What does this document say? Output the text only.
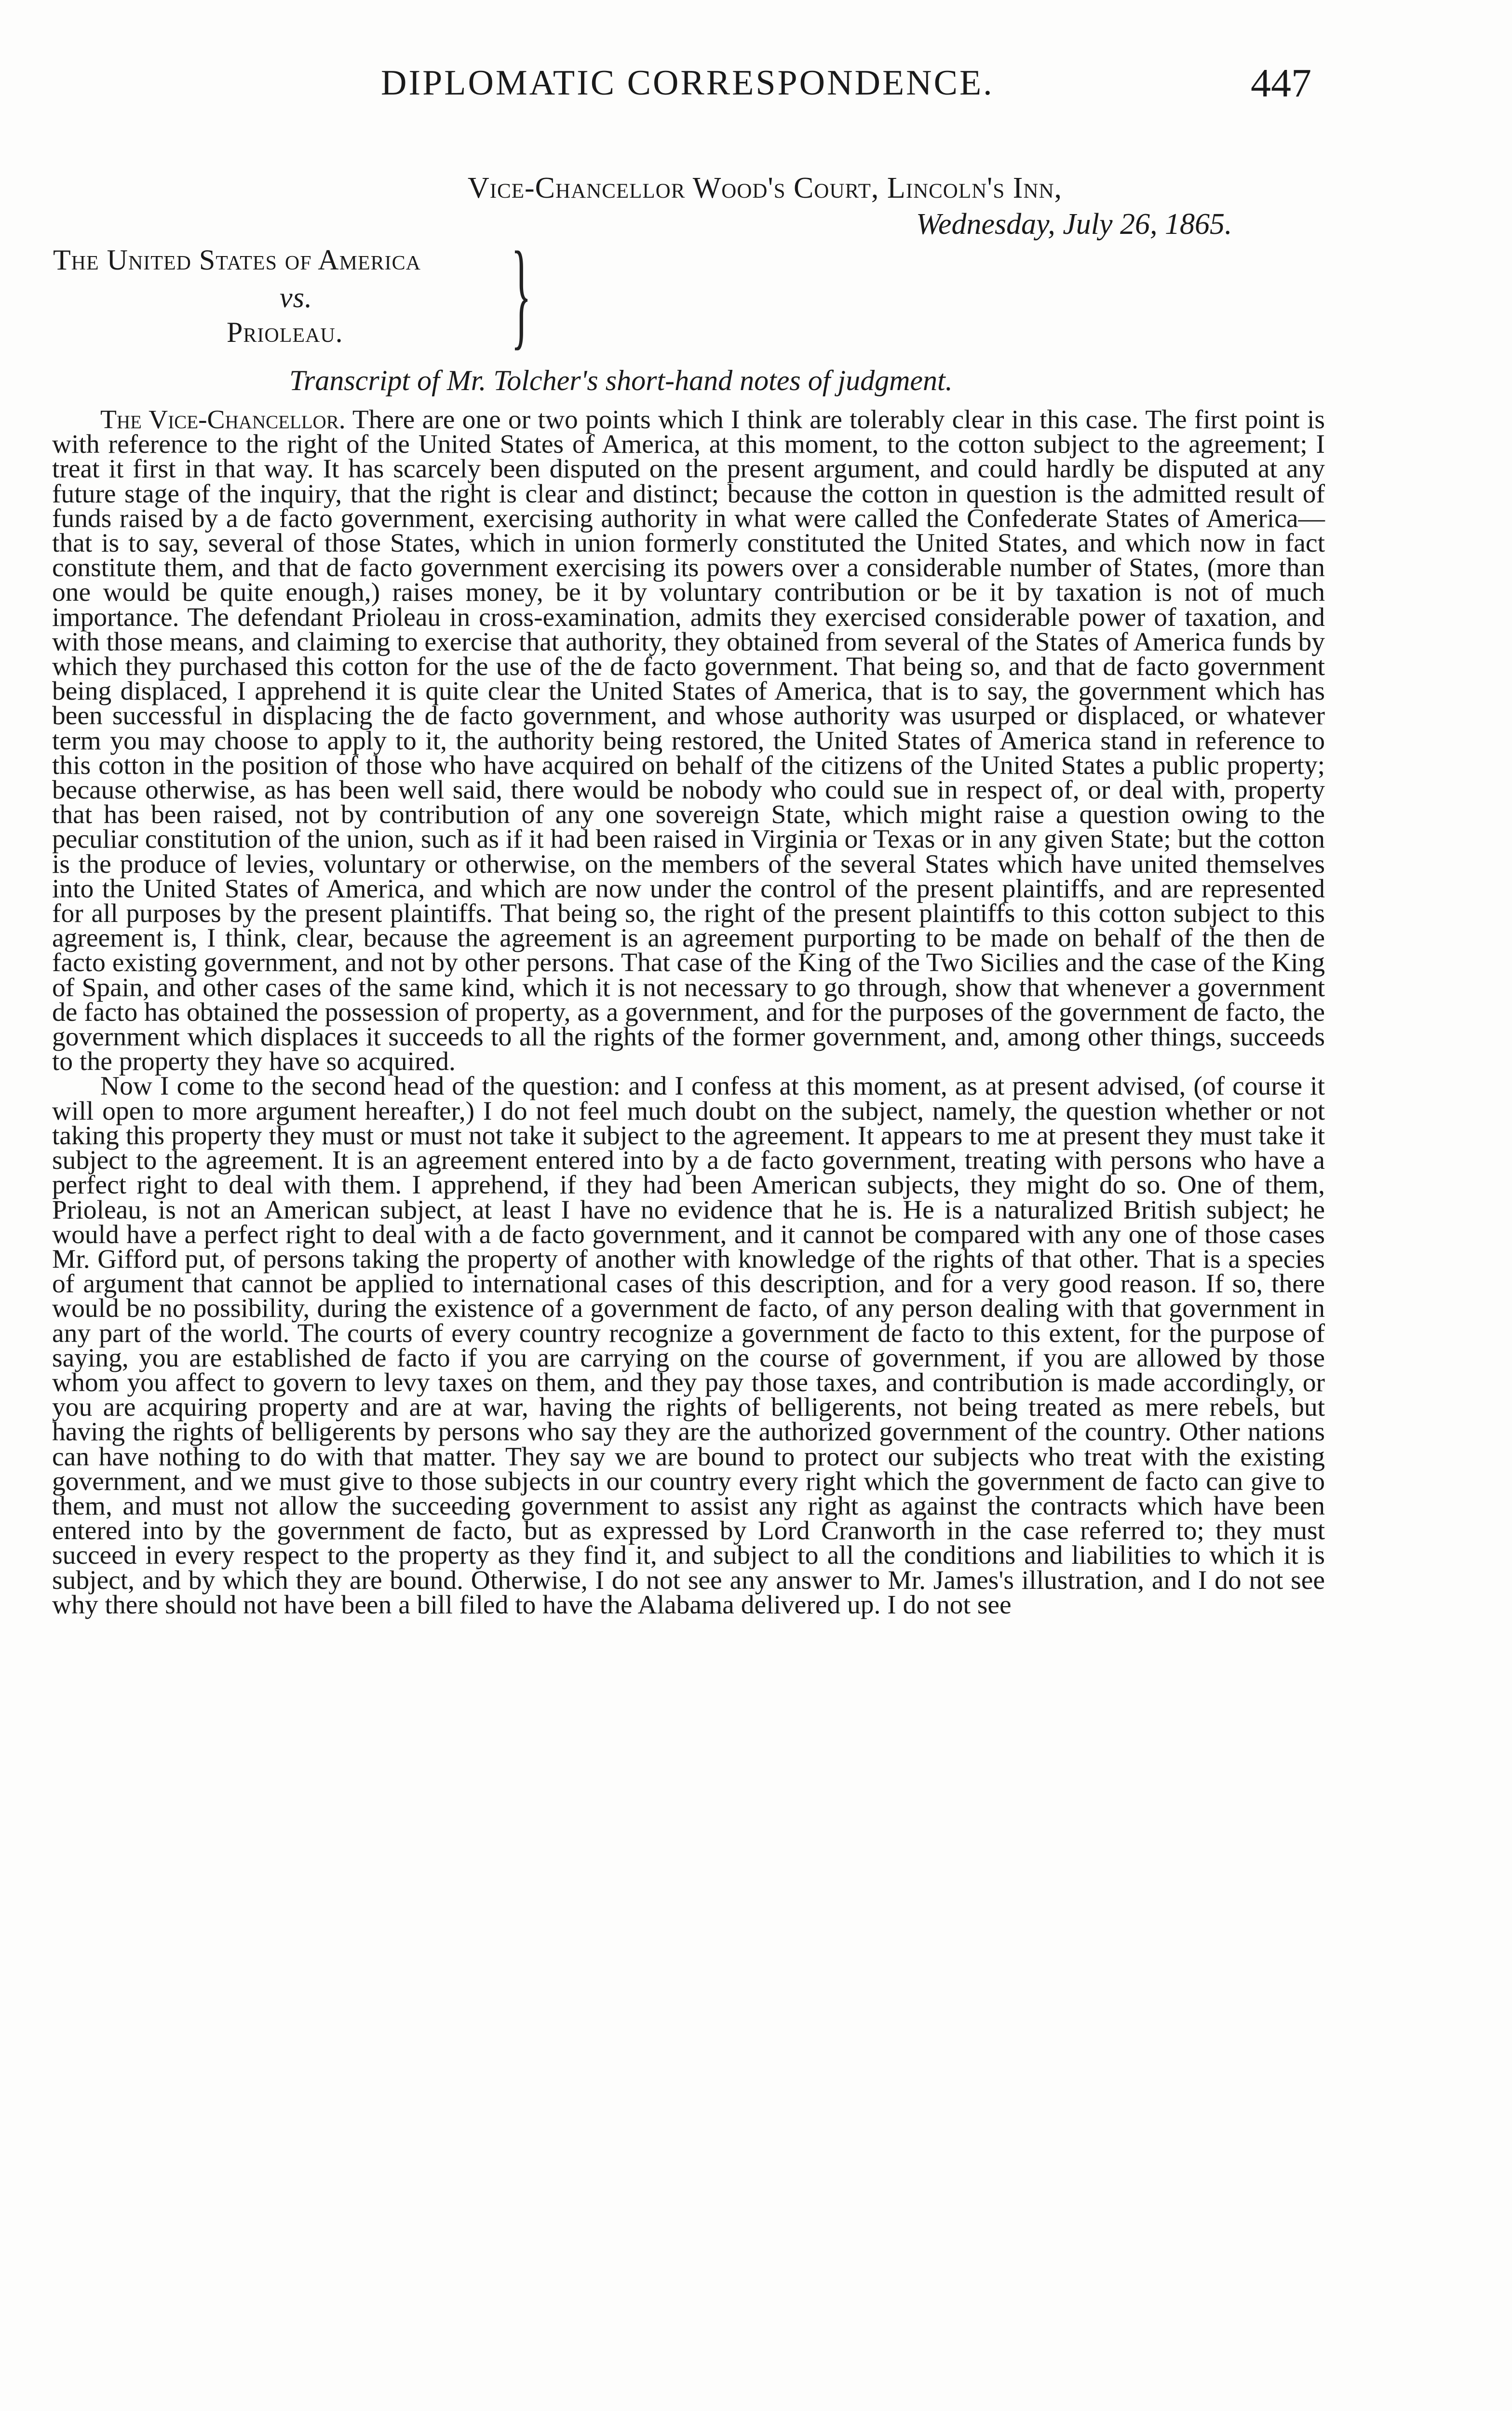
DIPLOMATIC CORRESPONDENCE.	447
Vice-Chancellor Wood's Court, Lincoln's Inn,
Wednesday, July 26, 1865.
The United States of America
vs.
Prioleau. }
Transcript of Mr. Tolcher's short-hand notes of judgment.

The Vice-Chancellor. There are one or two points which I think are tolerably clear in this case. The first point is with reference to the right of the United States of America, at this moment, to the cotton subject to the agreement; I treat it first in that way. It has scarcely been disputed on the present argument, and could hardly be disputed at any future stage of the inquiry, that the right is clear and distinct; because the cotton in question is the admitted result of funds raised by a de facto government, exercising authority in what were called the Confederate States of America—that is to say, several of those States, which in union formerly constituted the United States, and which now in fact constitute them, and that de facto government exercising its powers over a considerable number of States, (more than one would be quite enough,) raises money, be it by voluntary contribution or be it by taxation is not of much importance. The defendant Prioleau in cross-examination, admits they exercised considerable power of taxation, and with those means, and claiming to exercise that authority, they obtained from several of the States of America funds by which they purchased this cotton for the use of the de facto government. That being so, and that de facto government being displaced, I apprehend it is quite clear the United States of America, that is to say, the government which has been successful in displacing the de facto government, and whose authority was usurped or displaced, or whatever term you may choose to apply to it, the authority being restored, the United States of America stand in reference to this cotton in the position of those who have acquired on behalf of the citizens of the United States a public property; because otherwise, as has been well said, there would be nobody who could sue in respect of, or deal with, property that has been raised, not by contribution of any one sovereign State, which might raise a question owing to the peculiar constitution of the union, such as if it had been raised in Virginia or Texas or in any given State; but the cotton is the produce of levies, voluntary or otherwise, on the members of the several States which have united themselves into the United States of America, and which are now under the control of the present plaintiffs, and are represented for all purposes by the present plaintiffs. That being so, the right of the present plaintiffs to this cotton subject to this agreement is, I think, clear, because the agreement is an agreement purporting to be made on behalf of the then de facto existing government, and not by other persons. That case of the King of the Two Sicilies and the case of the King of Spain, and other cases of the same kind, which it is not necessary to go through, show that whenever a government de facto has obtained the possession of property, as a government, and for the purposes of the government de facto, the government which displaces it succeeds to all the rights of the former government, and, among other things, succeeds to the property they have so acquired.

Now I come to the second head of the question: and I confess at this moment, as at present advised, (of course it will open to more argument hereafter,) I do not feel much doubt on the subject, namely, the question whether or not taking this property they must or must not take it subject to the agreement. It appears to me at present they must take it subject to the agreement. It is an agreement entered into by a de facto government, treating with persons who have a perfect right to deal with them. I apprehend, if they had been American subjects, they might do so. One of them, Prioleau, is not an American subject, at least I have no evidence that he is. He is a naturalized British subject; he would have a perfect right to deal with a de facto government, and it cannot be compared with any one of those cases Mr. Gifford put, of persons taking the property of another with knowledge of the rights of that other. That is a species of argument that cannot be applied to international cases of this description, and for a very good reason. If so, there would be no possibility, during the existence of a government de facto, of any person dealing with that government in any part of the world. The courts of every country recognize a government de facto to this extent, for the purpose of saying, you are established de facto if you are carrying on the course of government, if you are allowed by those whom you affect to govern to levy taxes on them, and they pay those taxes, and contribution is made accordingly, or you are acquiring property and are at war, having the rights of belligerents, not being treated as mere rebels, but having the rights of belligerents by persons who say they are the authorized government of the country. Other nations can have nothing to do with that matter. They say we are bound to protect our subjects who treat with the existing government, and we must give to those subjects in our country every right which the government de facto can give to them, and must not allow the succeeding government to assist any right as against the contracts which have been entered into by the government de facto, but as expressed by Lord Cranworth in the case referred to; they must succeed in every respect to the property as they find it, and subject to all the conditions and liabilities to which it is subject, and by which they are bound. Otherwise, I do not see any answer to Mr. James's illustration, and I do not see why there should not have been a bill filed to have the Alabama delivered up. I do not see
